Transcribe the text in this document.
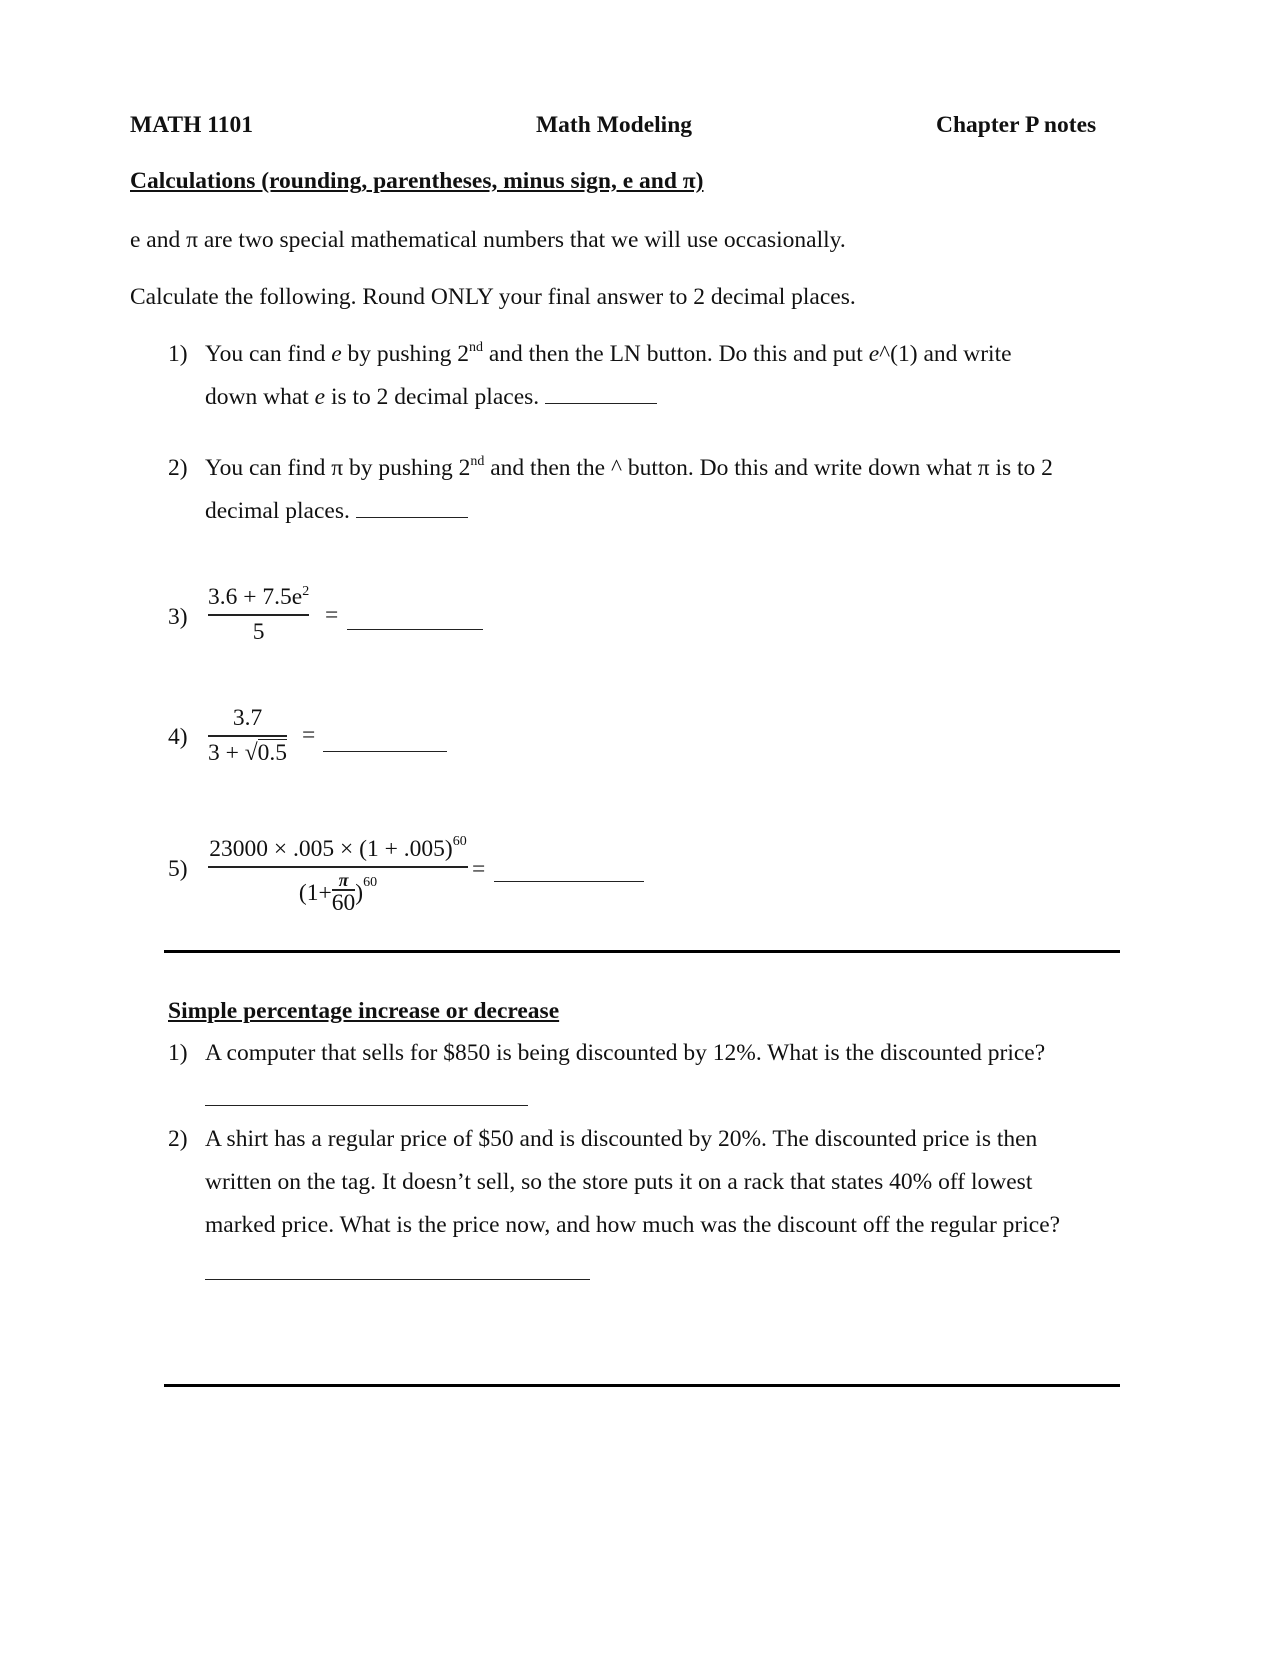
MATH 1101	Math Modeling	Chapter P notes
Calculations (rounding, parentheses, minus sign, e and π)
e and π are two special mathematical numbers that we will use occasionally.
Calculate the following. Round ONLY your final answer to 2 decimal places.
1) You can find e by pushing 2nd and then the LN button. Do this and put e^(1) and write
down what e is to 2 decimal places.
2) You can find π by pushing 2nd and then the ^ button. Do this and write down what π is to 2
decimal places.
3)
$3.6 + 7.5e^2$
5
=
4)
3.7
3 + √0.5
=
5)
$23000 \times .005 \times (1 + .005)^{60}$
(1+
π
60 ) 60
=
Simple percentage increase or decrease
1) A computer that sells for $850 is being discounted by 12%. What is the discounted price?
2) A shirt has a regular price of $50 and is discounted by 20%. The discounted price is then
written on the tag. It doesn’t sell, so the store puts it on a rack that states 40% off lowest
marked price. What is the price now, and how much was the discount off the regular price?
